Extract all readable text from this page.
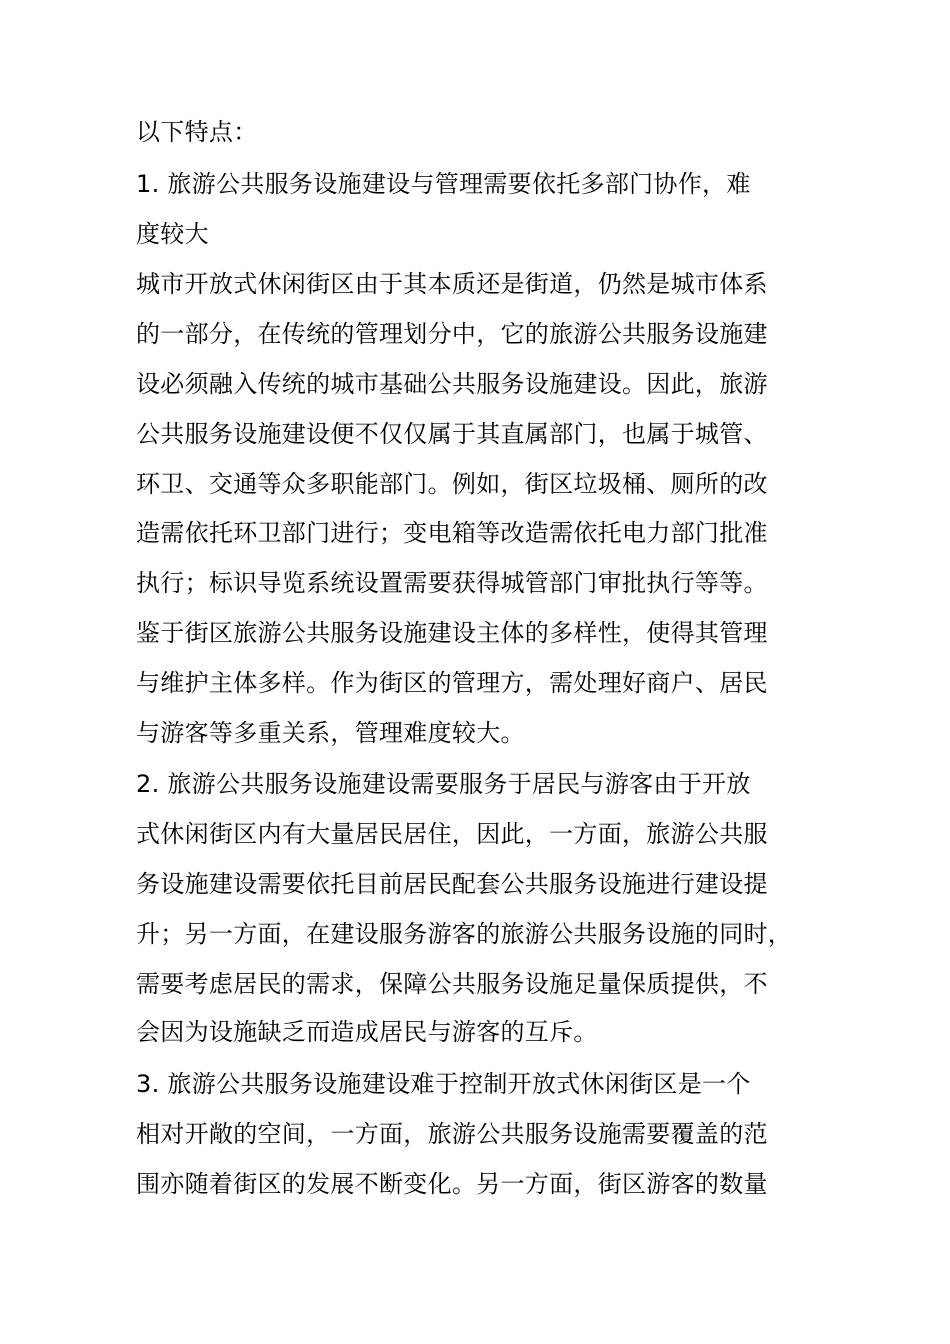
以下特点：
1. 旅游公共服务设施建设与管理需要依托多部门协作，难
度较大
城市开放式休闲街区由于其本质还是街道，仍然是城市体系
的一部分，在传统的管理划分中，它的旅游公共服务设施建
设必须融入传统的城市基础公共服务设施建设。因此，旅游
公共服务设施建设便不仅仅属于其直属部门，也属于城管、
环卫、交通等众多职能部门。例如，街区垃圾桶、厕所的改
造需依托环卫部门进行；变电箱等改造需依托电力部门批准
执行；标识导览系统设置需要获得城管部门审批执行等等。
鉴于街区旅游公共服务设施建设主体的多样性，使得其管理
与维护主体多样。作为街区的管理方，需处理好商户、居民
与游客等多重关系，管理难度较大。
2. 旅游公共服务设施建设需要服务于居民与游客由于开放
式休闲街区内有大量居民居住，因此，一方面，旅游公共服
务设施建设需要依托目前居民配套公共服务设施进行建设提
升；另一方面，在建设服务游客的旅游公共服务设施的同时，
需要考虑居民的需求，保障公共服务设施足量保质提供，不
会因为设施缺乏而造成居民与游客的互斥。
3. 旅游公共服务设施建设难于控制开放式休闲街区是一个
相对开敞的空间，一方面，旅游公共服务设施需要覆盖的范
围亦随着街区的发展不断变化。另一方面，街区游客的数量
